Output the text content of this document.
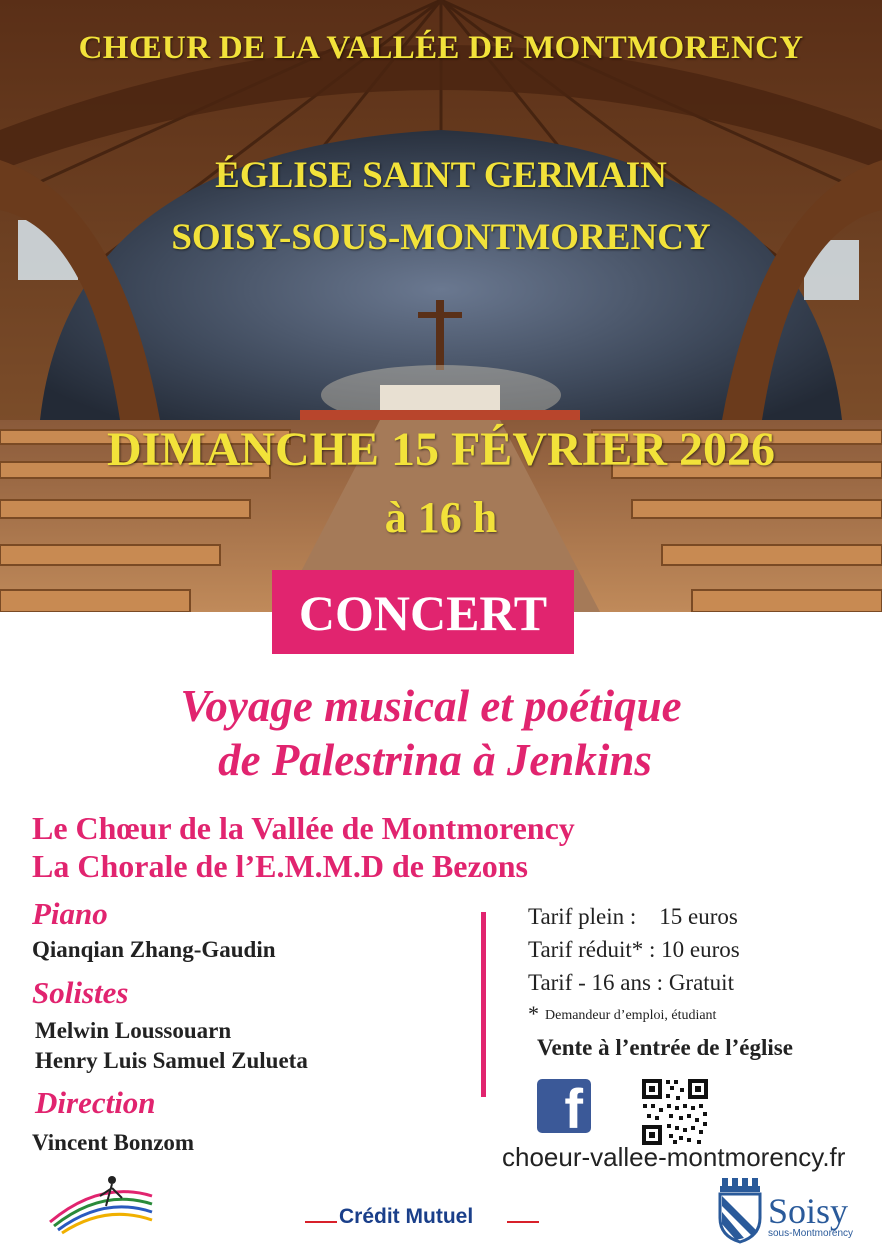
CHŒUR DE LA VALLÉE DE MONTMORENCY
ÉGLISE SAINT GERMAIN
SOISY-SOUS-MONTMORENCY
DIMANCHE 15 FÉVRIER 2026
à 16 h
CONCERT
Voyage musical et poétique
de Palestrina à Jenkins
Le Chœur de la Vallée de Montmorency
La Chorale de l’E.M.M.D de Bezons
Piano
Qianqian Zhang-Gaudin
Solistes
Melwin Loussouarn
Henry Luis Samuel Zulueta
Direction
Vincent Bonzom
Tarif plein :    15 euros
Tarif réduit* : 10 euros
Tarif - 16 ans : Gratuit
* Demandeur d’emploi, étudiant
Vente à l’entrée de l’église
f
choeur-vallee-montmorency.fr
Crédit Mutuel	Soisy
sous-Montmorency
